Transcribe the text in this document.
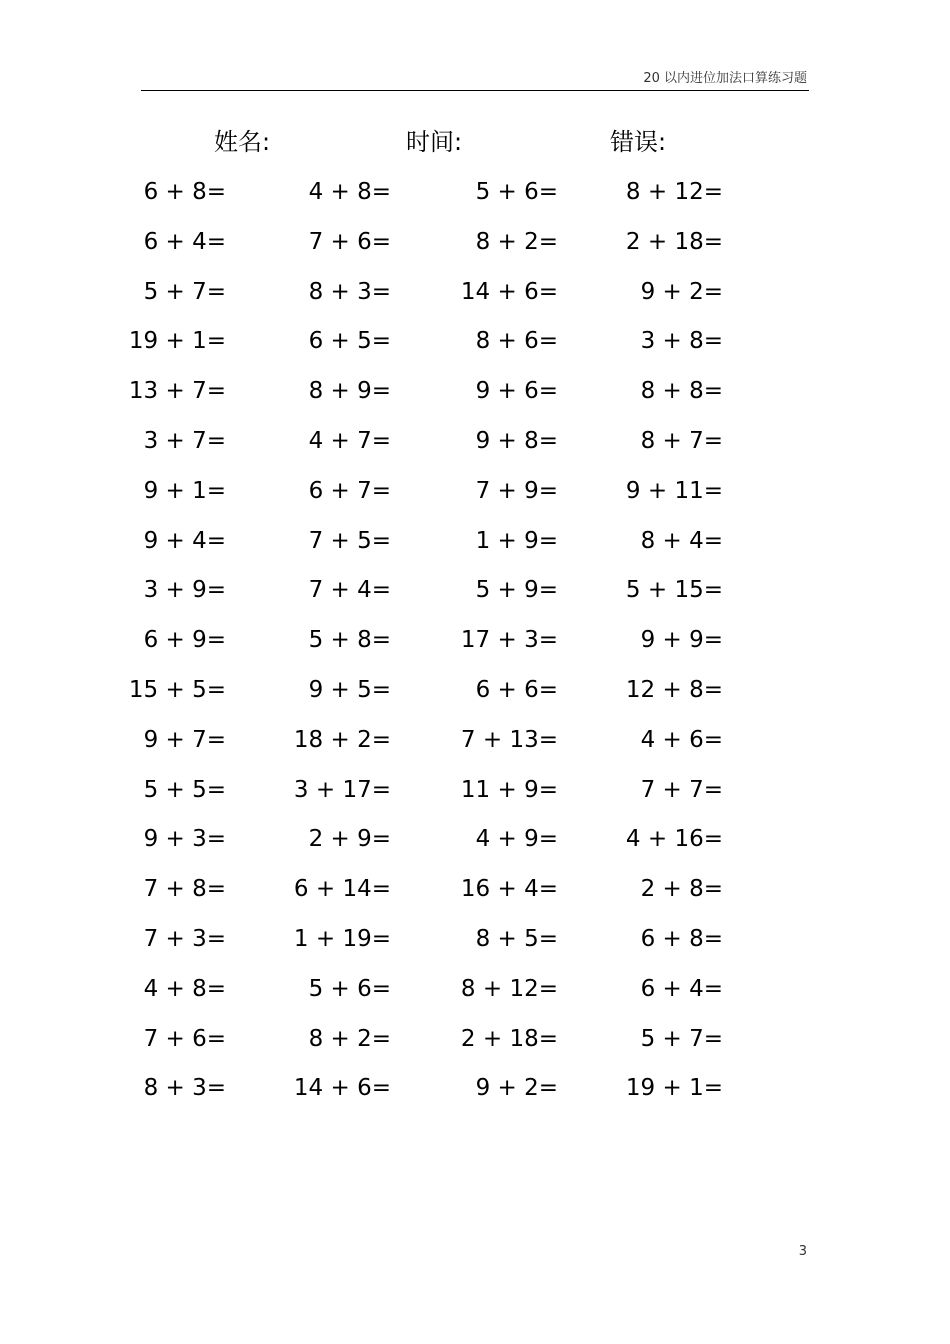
20 以内进位加法口算练习题
姓名:	时间:	错误:
6 + 8=	4 + 8=	5 + 6=	8 + 12=
6 + 4=	7 + 6=	8 + 2=	2 + 18=
5 + 7=	8 + 3=	14 + 6=	9 + 2=
19 + 1=	6 + 5=	8 + 6=	3 + 8=
13 + 7=	8 + 9=	9 + 6=	8 + 8=
3 + 7=	4 + 7=	9 + 8=	8 + 7=
9 + 1=	6 + 7=	7 + 9=	9 + 11=
9 + 4=	7 + 5=	1 + 9=	8 + 4=
3 + 9=	7 + 4=	5 + 9=	5 + 15=
6 + 9=	5 + 8=	17 + 3=	9 + 9=
15 + 5=	9 + 5=	6 + 6=	12 + 8=
9 + 7=	18 + 2=	7 + 13=	4 + 6=
5 + 5=	3 + 17=	11 + 9=	7 + 7=
9 + 3=	2 + 9=	4 + 9=	4 + 16=
7 + 8=	6 + 14=	16 + 4=	2 + 8=
7 + 3=	1 + 19=	8 + 5=	6 + 8=
4 + 8=	5 + 6=	8 + 12=	6 + 4=
7 + 6=	8 + 2=	2 + 18=	5 + 7=
8 + 3=	14 + 6=	9 + 2=	19 + 1=
3
